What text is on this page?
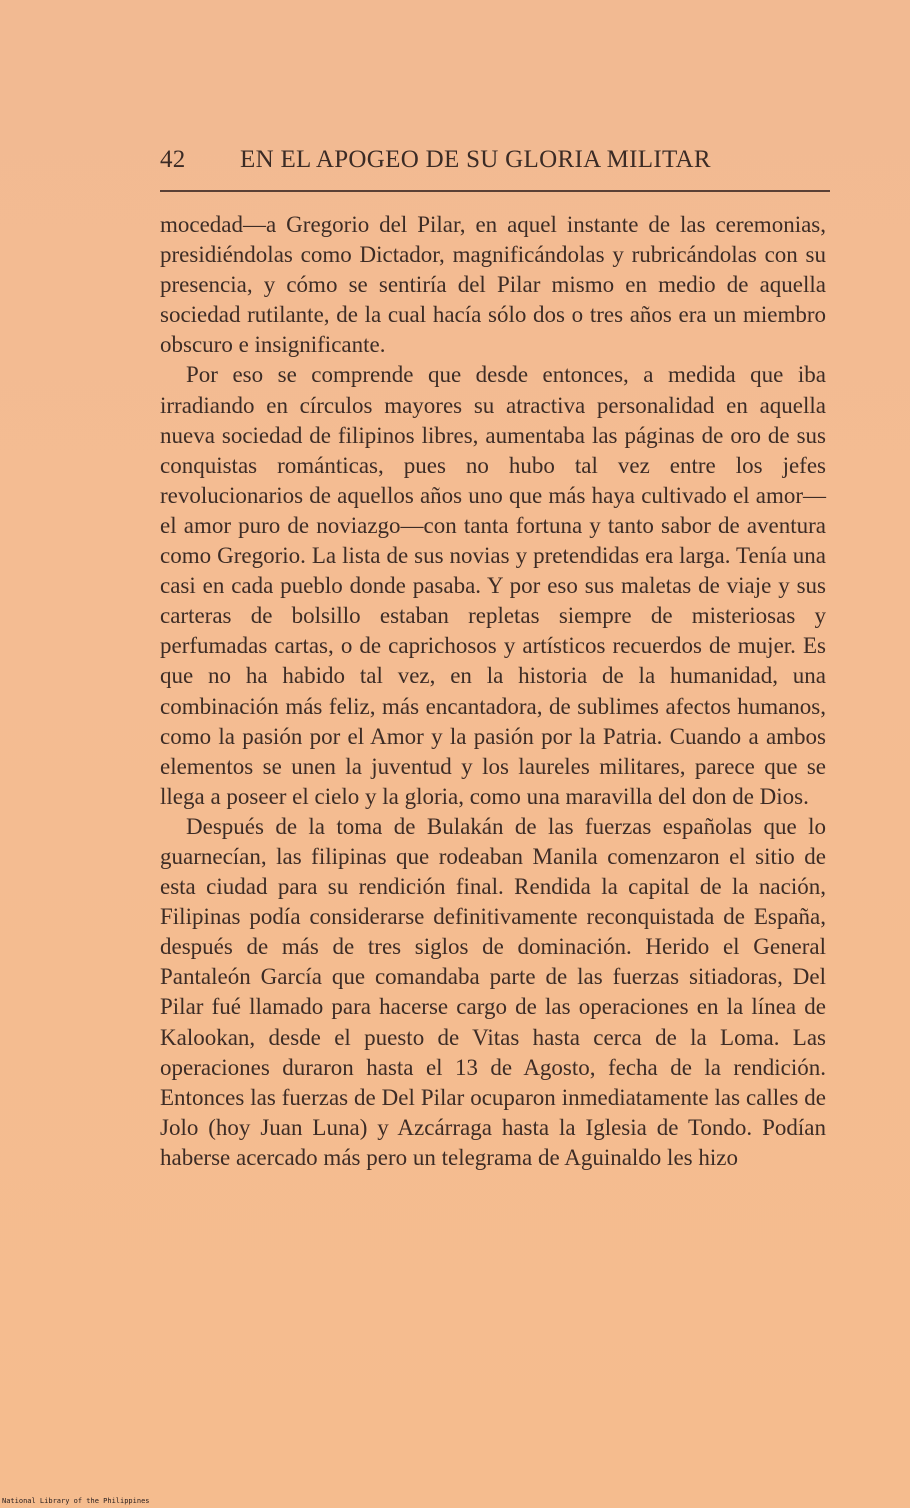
42	EN EL APOGEO DE SU GLORIA MILITAR

mocedad—a Gregorio del Pilar, en aquel instante de las ceremonias, presidiéndolas como Dictador, magnificándolas y rubricándolas con su presencia, y cómo se sentiría del Pilar mismo en medio de aquella sociedad rutilante, de la cual hacía sólo dos o tres años era un miembro obscuro e insignificante.

Por eso se comprende que desde entonces, a medida que iba irradiando en círculos mayores su atractiva personalidad en aquella nueva sociedad de filipinos libres, aumentaba las páginas de oro de sus conquistas románticas, pues no hubo tal vez entre los jefes revolucionarios de aquellos años uno que más haya cultivado el amor—el amor puro de noviazgo—con tanta fortuna y tanto sabor de aventura como Gregorio. La lista de sus novias y pretendidas era larga. Tenía una casi en cada pueblo donde pasaba. Y por eso sus maletas de viaje y sus carteras de bolsillo estaban repletas siempre de misteriosas y perfumadas cartas, o de caprichosos y artísticos recuerdos de mujer. Es que no ha habido tal vez, en la historia de la humanidad, una combinación más feliz, más encantadora, de sublimes afectos humanos, como la pasión por el Amor y la pasión por la Patria. Cuando a ambos elementos se unen la juventud y los laureles militares, parece que se llega a poseer el cielo y la gloria, como una maravilla del don de Dios.

Después de la toma de Bulakán de las fuerzas españolas que lo guarnecían, las filipinas que rodeaban Manila comenzaron el sitio de esta ciudad para su rendición final. Rendida la capital de la nación, Filipinas podía considerarse definitivamente reconquistada de España, después de más de tres siglos de dominación. Herido el General Pantaleón García que comandaba parte de las fuerzas sitiadoras, Del Pilar fué llamado para hacerse cargo de las operaciones en la línea de Kalookan, desde el puesto de Vitas hasta cerca de la Loma. Las operaciones duraron hasta el 13 de Agosto, fecha de la rendición. Entonces las fuerzas de Del Pilar ocuparon inmediatamente las calles de Jolo (hoy Juan Luna) y Azcárraga hasta la Iglesia de Tondo. Podían haberse acercado más pero un telegrama de Aguinaldo les hizo

National Library of the Philippines
